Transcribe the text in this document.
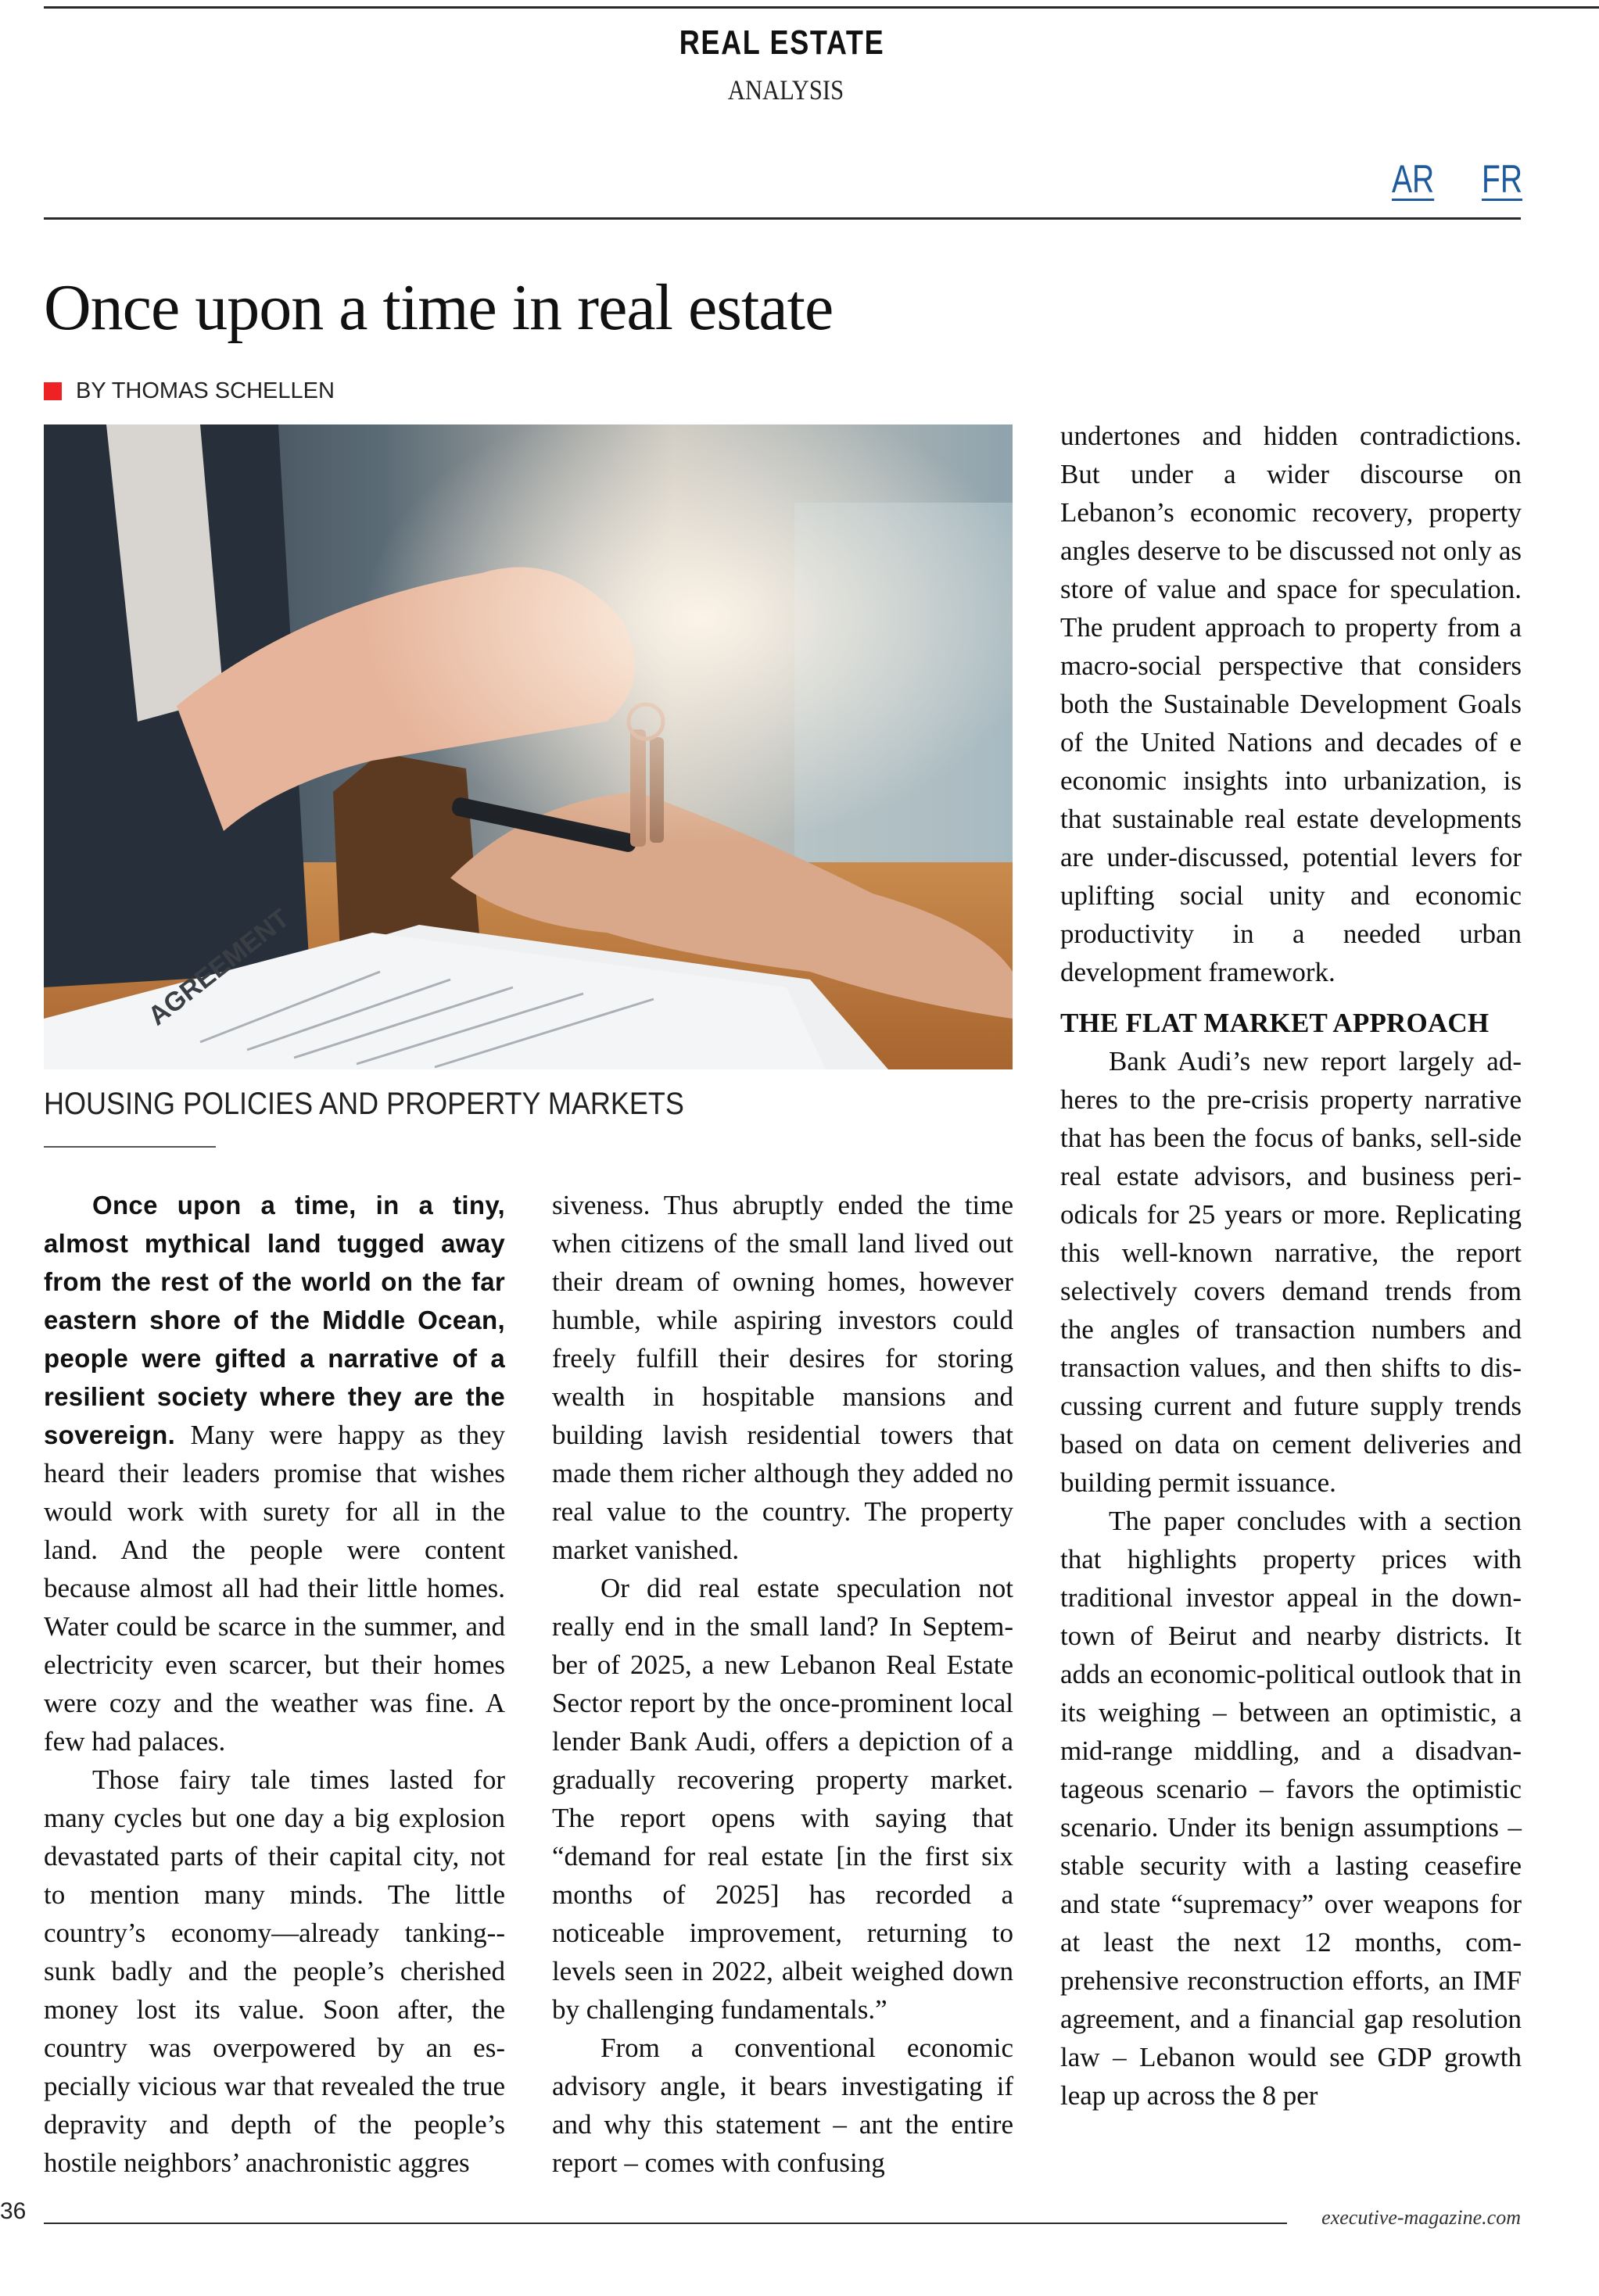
REAL ESTATE
ANALYSIS
AR FR
Once upon a time in real estate
BY THOMAS SCHELLEN
HOUSING POLICIES AND PROPERTY MARKETS

Once upon a time, in a tiny, almost mythical land tugged away from the rest of the world on the far eastern shore of the Middle Ocean, people were gifted a narrative of a resilient society where they are the sovereign. Many were happy as they heard their leaders promise that wishes would work with surety for all in the land. And the people were content because almost all had their little homes. Water could be scarce in the summer, and electricity even scarcer, but their homes were cozy and the weather was fine. A few had palaces.

Those fairy tale times lasted for many cycles but one day a big explosion devastated parts of their capital city, not to mention many minds. The little country’s economy—already tanking--sunk badly and the people’s cherished money lost its value. Soon after, the country was overpowered by an especially vicious war that revealed the true depravity and depth of the people’s hostile neighbors’ anachronistic aggres

siveness. Thus abruptly ended the time when citizens of the small land lived out their dream of owning homes, however humble, while aspiring investors could freely fulfill their desires for storing wealth in hospitable mansions and building lavish residential towers that made them richer although they added no real value to the country. The property market vanished.

Or did real estate speculation not really end in the small land? In September of 2025, a new Lebanon Real Estate Sector report by the once-prominent local lender Bank Audi, offers a depiction of a gradually recovering property market. The report opens with saying that “demand for real estate [in the first six months of 2025] has recorded a noticeable improvement, returning to levels seen in 2022, albeit weighed down by challenging fundamentals.”

From a conventional economic advisory angle, it bears investigating if and why this statement – ant the entire report – comes with confusing

undertones and hidden contradictions. But under a wider discourse on Lebanon’s economic recovery, property angles deserve to be discussed not only as store of value and space for speculation. The prudent approach to property from a macro-social perspective that considers both the Sustainable Development Goals of the United Nations and decades of e economic insights into urbanization, is that sustainable real estate developments are under-discussed, potential levers for uplifting social unity and economic productivity in a needed urban development framework.

THE FLAT MARKET APPROACH

Bank Audi’s new report largely adheres to the pre-crisis property narrative that has been the focus of banks, sell-side real estate advisors, and business periodicals for 25 years or more. Replicating this well-known narrative, the report selectively covers demand trends from the angles of transaction numbers and transaction values, and then shifts to discussing current and future supply trends based on data on cement deliveries and building permit issuance.

The paper concludes with a section that highlights property prices with traditional investor appeal in the downtown of Beirut and nearby districts. It adds an economic-political outlook that in its weighing – between an optimistic, a mid-range middling, and a disadvantageous scenario – favors the optimistic scenario. Under its benign assumptions – stable security with a lasting ceasefire and state “supremacy” over weapons for at least the next 12 months, comprehensive reconstruction efforts, an IMF agreement, and a financial gap resolution law – Lebanon would see GDP growth leap up across the 8 per

36	executive-magazine.com
